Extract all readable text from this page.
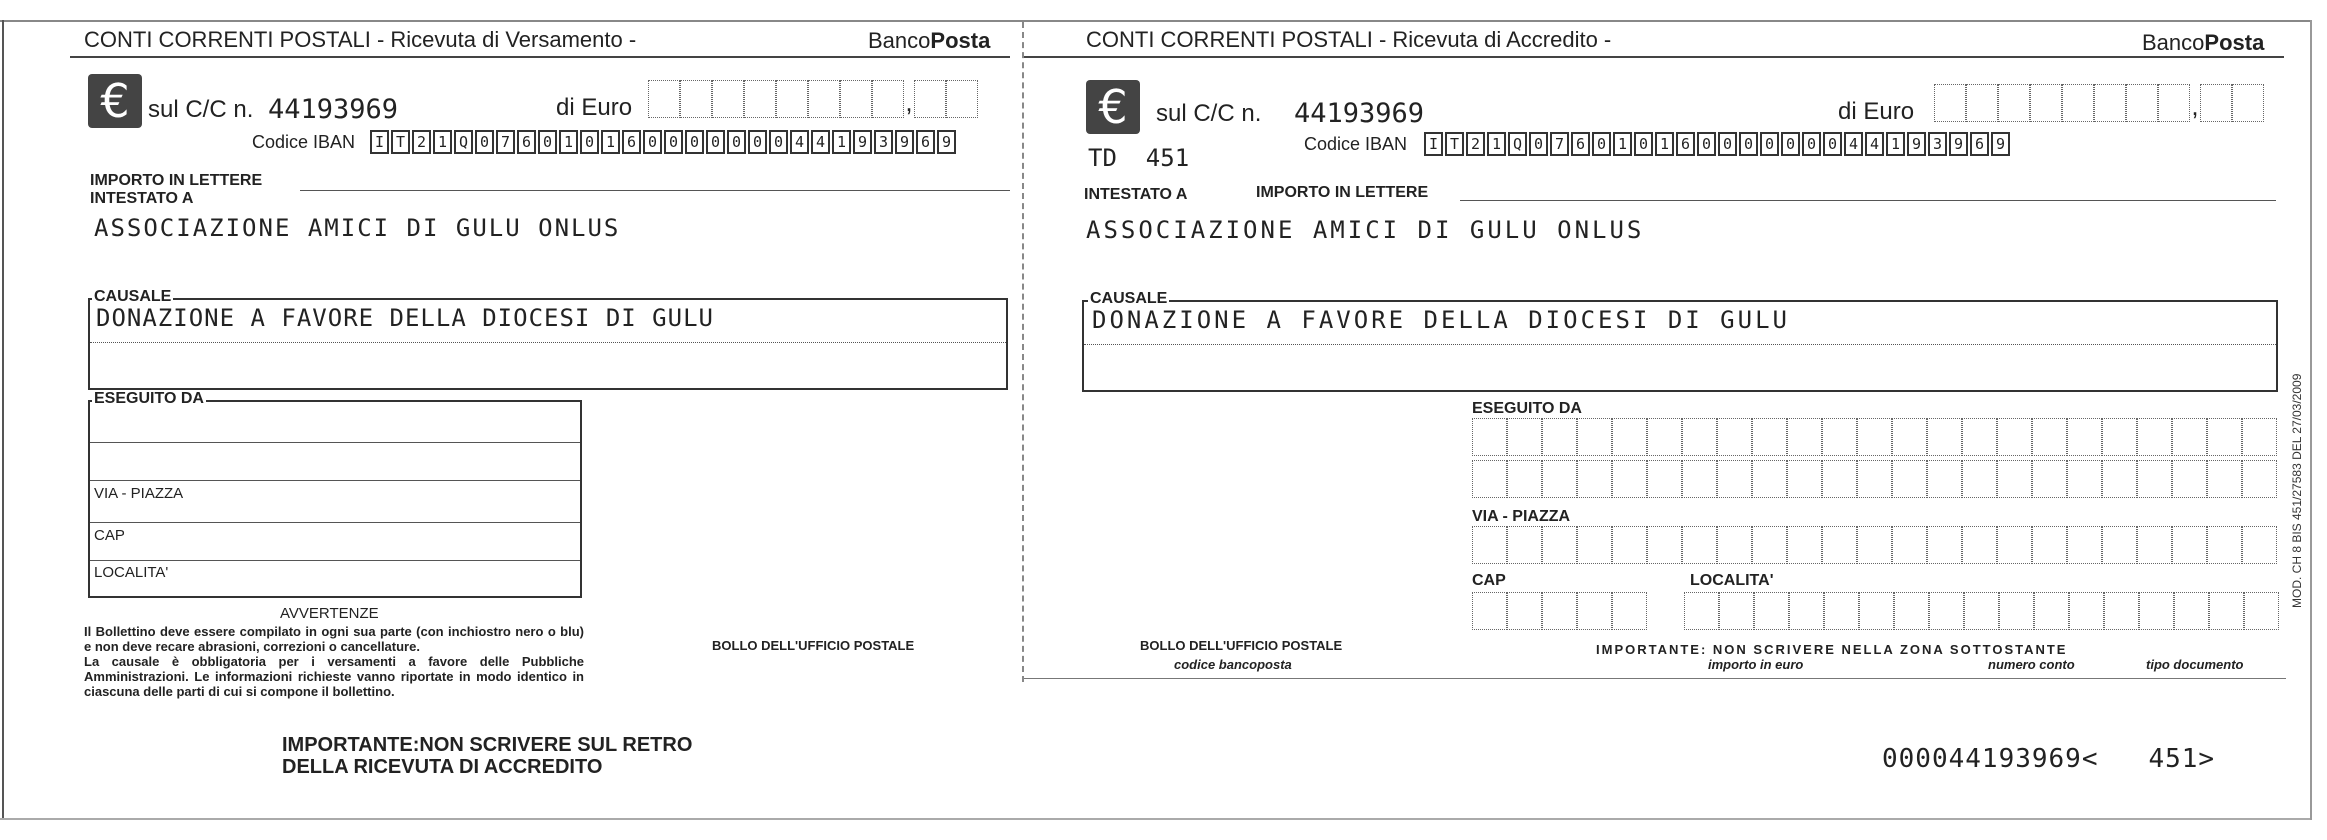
CONTI CORRENTI POSTALI - Ricevuta di Versamento -	BancoPosta
€ sul C/C n. 44193969	di Euro	,
Codice IBAN	I T 2 1 Q 0 7 6 0 1 0 1 6 0 0 0 0 0 0 0 4 4 1 9 3 9 6 9
IMPORTO IN LETTERE
INTESTATO A
ASSOCIAZIONE AMICI DI GULU ONLUS
CAUSALE
DONAZIONE A FAVORE DELLA DIOCESI DI GULU
ESEGUITO DA
VIA - PIAZZA
CAP
LOCALITA'
AVVERTENZE
Il Bollettino deve essere compilato in ogni sua parte (con inchiostro nero o blu) e non deve recare abrasioni, correzioni o cancellature.
La causale è obbligatoria per i versamenti a favore delle Pubbliche Amministrazioni. Le informazioni richieste vanno riportate in modo identico in ciascuna delle parti di cui si compone il bollettino.
BOLLO DELL'UFFICIO POSTALE
IMPORTANTE:NON SCRIVERE SUL RETRO
DELLA RICEVUTA DI ACCREDITO
CONTI CORRENTI POSTALI - Ricevuta di Accredito -	BancoPosta
€	sul C/C n. 44193969	di Euro	,
Codice IBAN	I T 2 1 Q 0 7 6 0 1 0 1 6 0 0 0 0 0 0 0 4 4 1 9 3 9 6 9
TD  451
INTESTATO A	IMPORTO IN LETTERE
ASSOCIAZIONE AMICI DI GULU ONLUS
CAUSALE
DONAZIONE A FAVORE DELLA DIOCESI DI GULU
ESEGUITO DA
VIA - PIAZZA
CAP	LOCALITA'
BOLLO DELL'UFFICIO POSTALE
codice bancoposta
IMPORTANTE: NON SCRIVERE NELLA ZONA SOTTOSTANTE
importo in euro	numero conto	tipo documento
000044193969<   451>
MOD. CH 8 BIS 451/27583 DEL 27/03/2009
